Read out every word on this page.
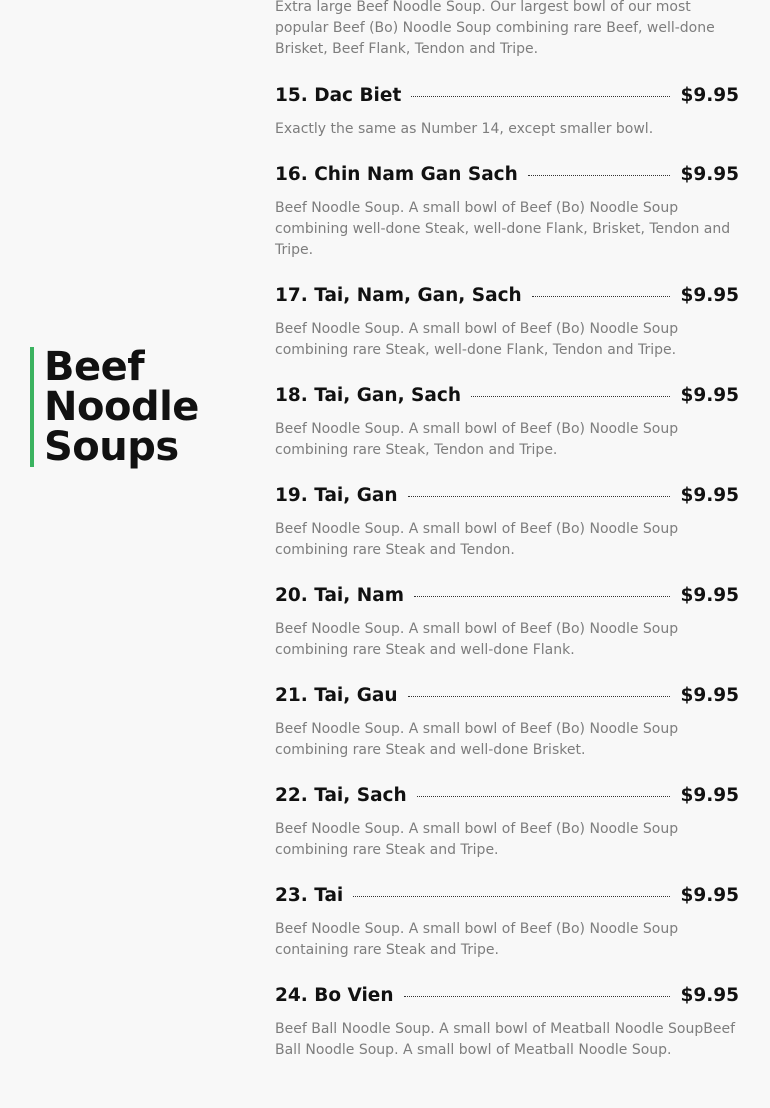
Beef
Noodle
Soups

Extra large Beef Noodle Soup. Our largest bowl of our most popular Beef (Bo) Noodle Soup combining rare Beef, well-done Brisket, Beef Flank, Tendon and Tripe.

15. Dac Biet	$9.95

Exactly the same as Number 14, except smaller bowl.

16. Chin Nam Gan Sach	$9.95

Beef Noodle Soup. A small bowl of Beef (Bo) Noodle Soup combining well-done Steak, well-done Flank, Brisket, Tendon and Tripe.

17. Tai, Nam, Gan, Sach	$9.95

Beef Noodle Soup. A small bowl of Beef (Bo) Noodle Soup combining rare Steak, well-done Flank, Tendon and Tripe.

18. Tai, Gan, Sach	$9.95

Beef Noodle Soup. A small bowl of Beef (Bo) Noodle Soup combining rare Steak, Tendon and Tripe.

19. Tai, Gan	$9.95

Beef Noodle Soup. A small bowl of Beef (Bo) Noodle Soup combining rare Steak and Tendon.

20. Tai, Nam	$9.95

Beef Noodle Soup. A small bowl of Beef (Bo) Noodle Soup combining rare Steak and well-done Flank.

21. Tai, Gau	$9.95

Beef Noodle Soup. A small bowl of Beef (Bo) Noodle Soup combining rare Steak and well-done Brisket.

22. Tai, Sach	$9.95

Beef Noodle Soup. A small bowl of Beef (Bo) Noodle Soup combining rare Steak and Tripe.

23. Tai	$9.95

Beef Noodle Soup. A small bowl of Beef (Bo) Noodle Soup containing rare Steak and Tripe.

24. Bo Vien	$9.95

Beef Ball Noodle Soup. A small bowl of Meatball Noodle SoupBeef Ball Noodle Soup. A small bowl of Meatball Noodle Soup.
